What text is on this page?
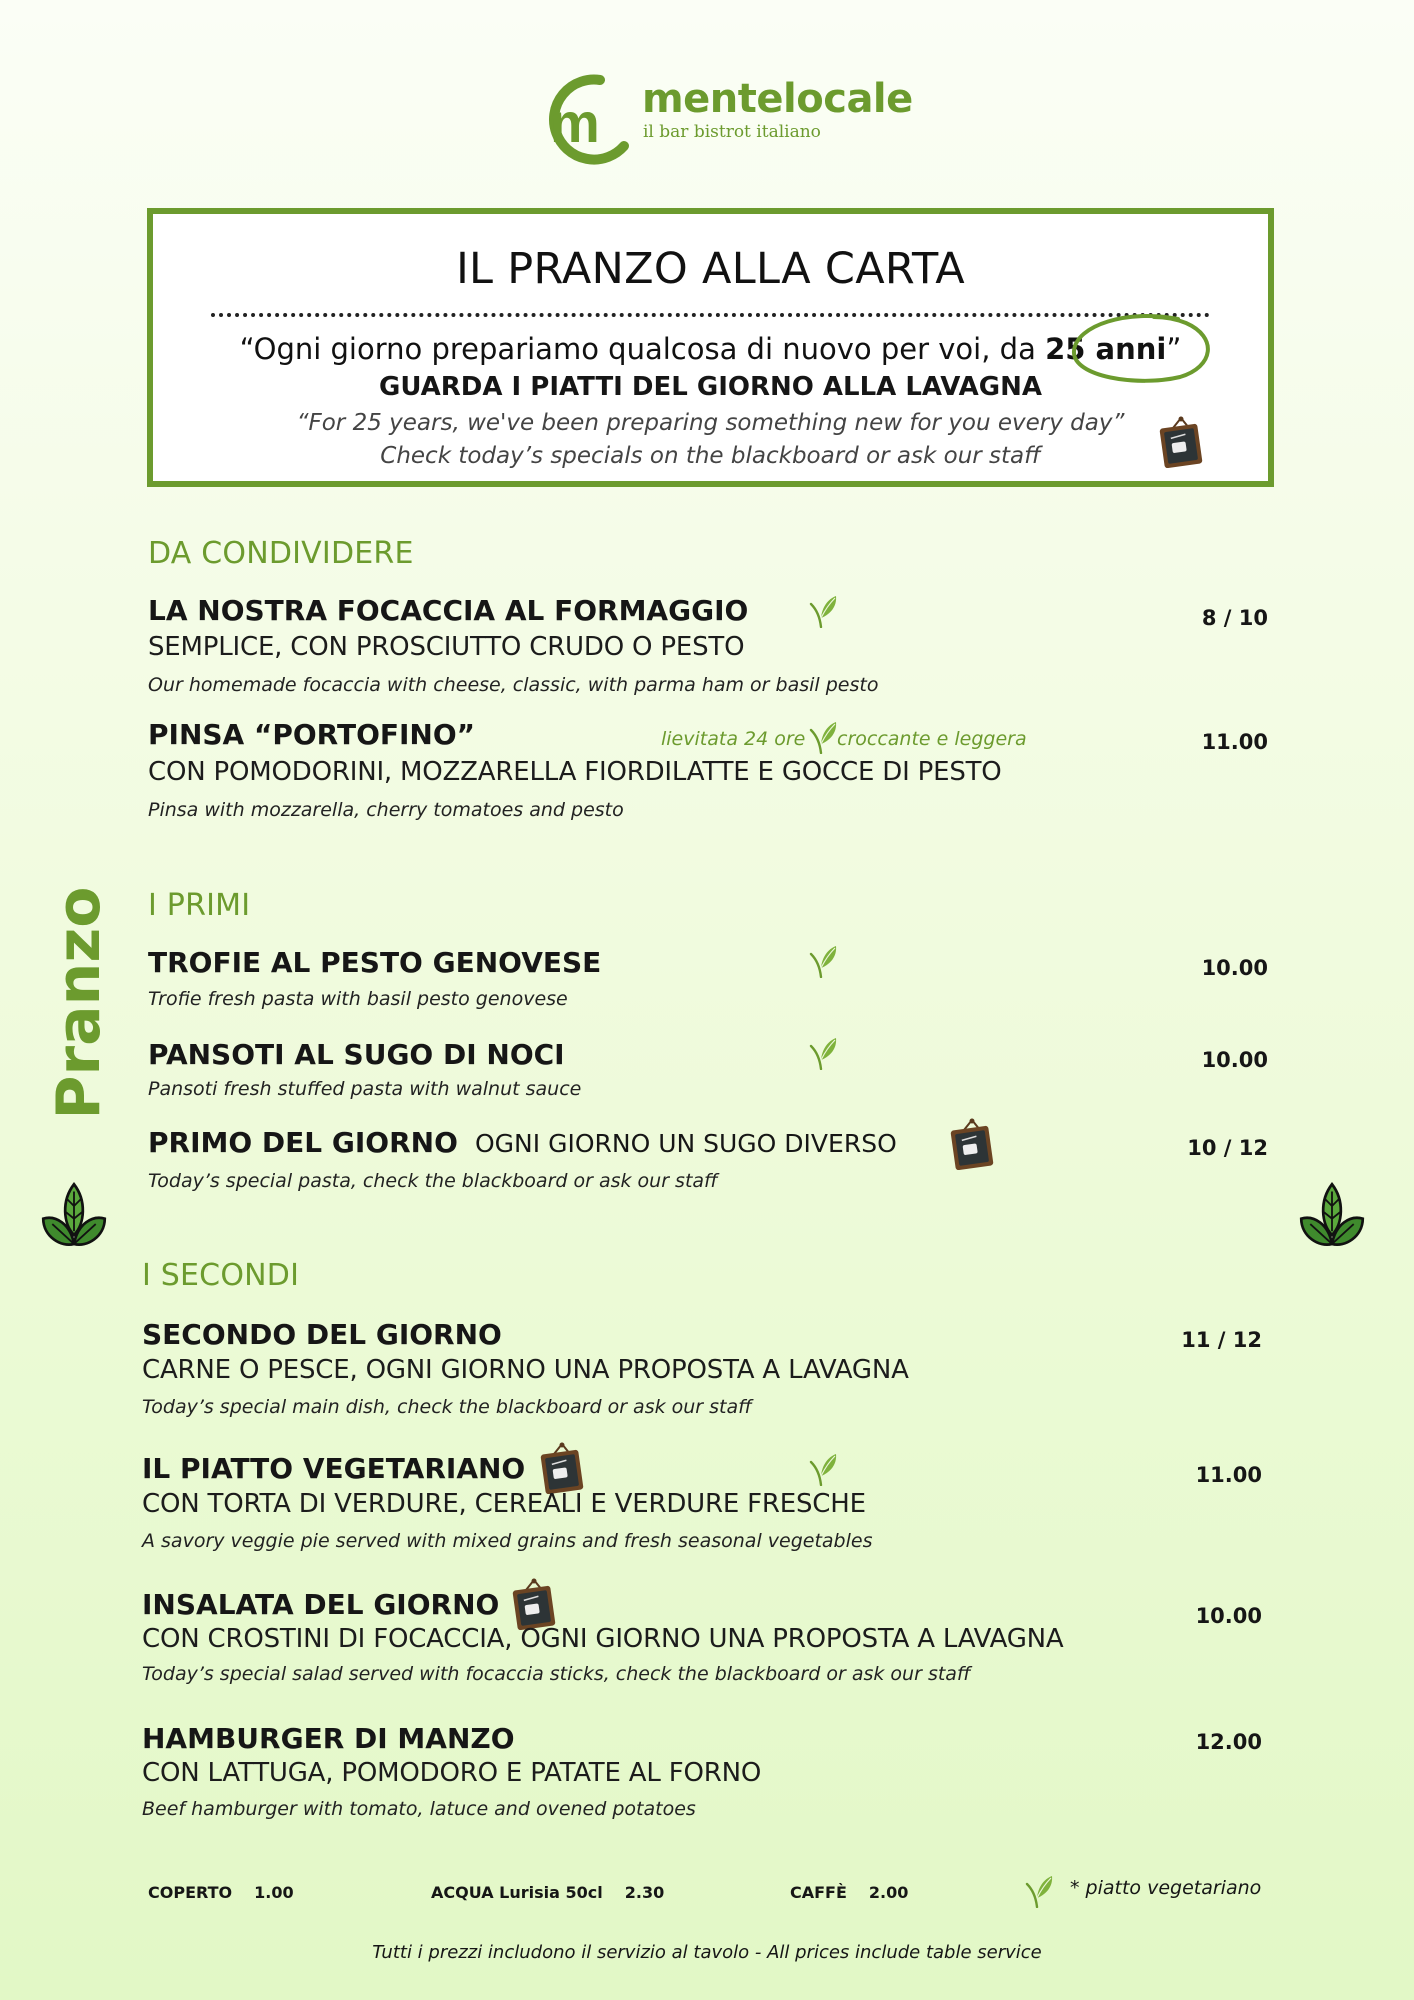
m mentelocale
il bar bistrot italiano
IL PRANZO ALLA CARTA
“Ogni giorno prepariamo qualcosa di nuovo per voi, da 25 anni”
GUARDA I PIATTI DEL GIORNO ALLA LAVAGNA
“For 25 years, we've been preparing something new for you every day”
Check today’s specials on the blackboard or ask our staff
Pranzo
DA CONDIVIDERE
LA NOSTRA FOCACCIA AL FORMAGGIO	8 / 10
SEMPLICE, CON PROSCIUTTO CRUDO O PESTO
Our homemade focaccia with cheese, classic, with parma ham or basil pesto
PINSA “PORTOFINO”	lievitata 24 ore croccante e leggera	11.00
CON POMODORINI, MOZZARELLA FIORDILATTE E GOCCE DI PESTO
Pinsa with mozzarella, cherry tomatoes and pesto
I PRIMI
TROFIE AL PESTO GENOVESE	10.00
Trofie fresh pasta with basil pesto genovese
PANSOTI AL SUGO DI NOCI	10.00
Pansoti fresh stuffed pasta with walnut sauce
PRIMO DEL GIORNO OGNI GIORNO UN SUGO DIVERSO	10 / 12
Today’s special pasta, check the blackboard or ask our staff
I SECONDI
SECONDO DEL GIORNO	11 / 12
CARNE O PESCE, OGNI GIORNO UNA PROPOSTA A LAVAGNA
Today’s special main dish, check the blackboard or ask our staff
IL PIATTO VEGETARIANO	11.00
CON TORTA DI VERDURE, CEREALI E VERDURE FRESCHE
A savory veggie pie served with mixed grains and fresh seasonal vegetables
INSALATA DEL GIORNO	10.00
CON CROSTINI DI FOCACCIA, OGNI GIORNO UNA PROPOSTA A LAVAGNA
Today’s special salad served with focaccia sticks, check the blackboard or ask our staff
HAMBURGER DI MANZO	12.00
CON LATTUGA, POMODORO E PATATE AL FORNO
Beef hamburger with tomato, latuce and ovened potatoes
COPERTO 1.00	ACQUA Lurisia 50cl 2.30	CAFFÈ 2.00	* piatto vegetariano
Tutti i prezzi includono il servizio al tavolo - All prices include table service
